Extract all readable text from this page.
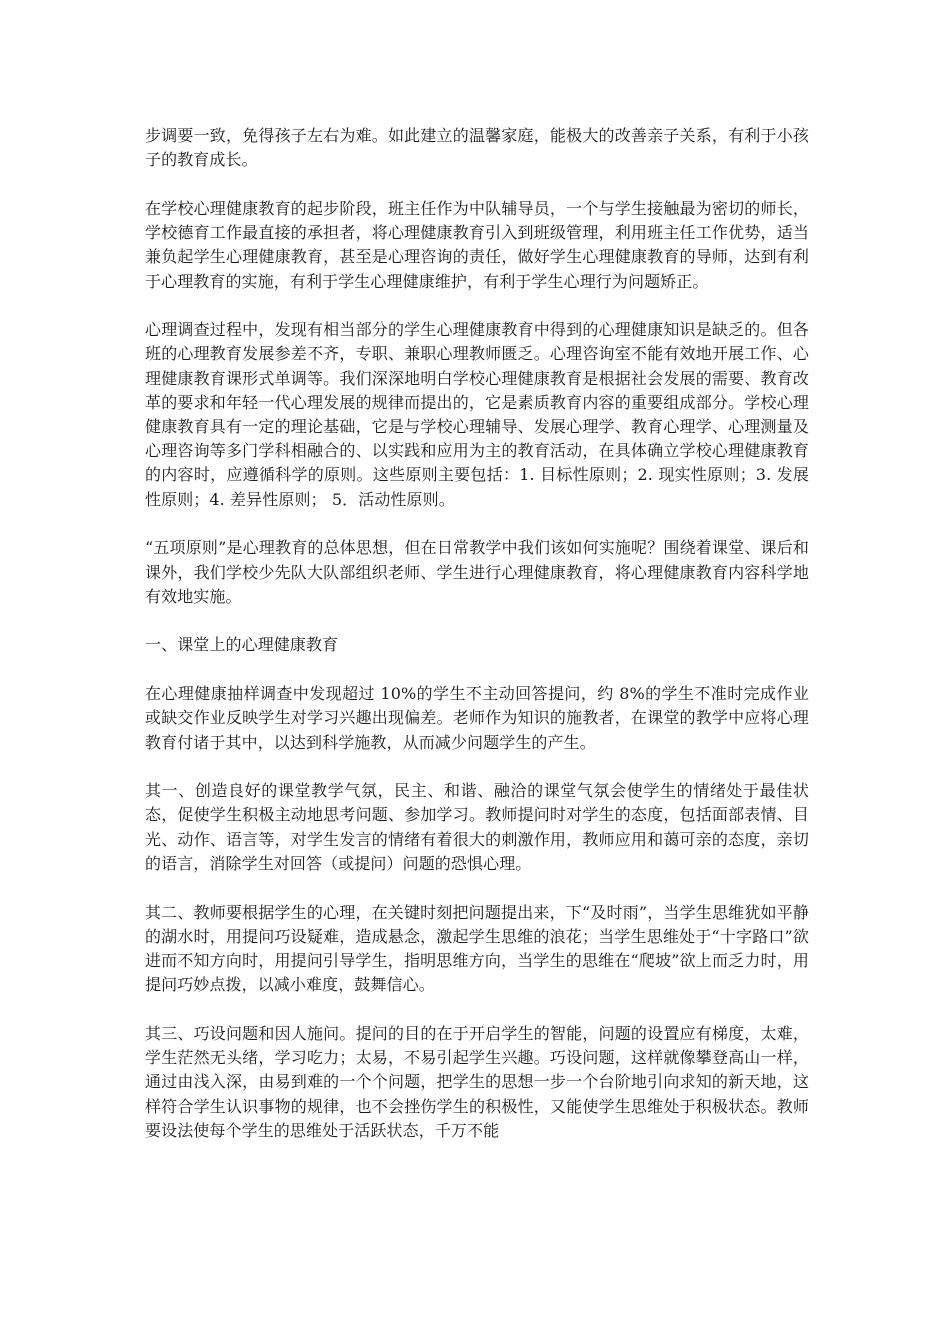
步调要一致，免得孩子左右为难。如此建立的温馨家庭，能极大的改善亲子关系，有利于小孩子的教育成长。

在学校心理健康教育的起步阶段，班主任作为中队辅导员，一个与学生接触最为密切的师长，学校德育工作最直接的承担者，将心理健康教育引入到班级管理，利用班主任工作优势，适当兼负起学生心理健康教育，甚至是心理咨询的责任，做好学生心理健康教育的导师，达到有利于心理教育的实施，有利于学生心理健康维护，有利于学生心理行为问题矫正。

心理调查过程中，发现有相当部分的学生心理健康教育中得到的心理健康知识是缺乏的。但各班的心理教育发展参差不齐，专职、兼职心理教师匮乏。心理咨询室不能有效地开展工作、心理健康教育课形式单调等。我们深深地明白学校心理健康教育是根据社会发展的需要、教育改革的要求和年轻一代心理发展的规律而提出的，它是素质教育内容的重要组成部分。学校心理健康教育具有一定的理论基础，它是与学校心理辅导、发展心理学、教育心理学、心理测量及心理咨询等多门学科相融合的、以实践和应用为主的教育活动，在具体确立学校心理健康教育的内容时，应遵循科学的原则。这些原则主要包括：1. 目标性原则；2. 现实性原则；3. 发展性原则；4. 差异性原则； 5．活动性原则。

“五项原则”是心理教育的总体思想，但在日常教学中我们该如何实施呢？围绕着课堂、课后和课外，我们学校少先队大队部组织老师、学生进行心理健康教育，将心理健康教育内容科学地有效地实施。

一、课堂上的心理健康教育

在心理健康抽样调查中发现超过 10%的学生不主动回答提问，约 8%的学生不准时完成作业或缺交作业反映学生对学习兴趣出现偏差。老师作为知识的施教者，在课堂的教学中应将心理教育付诸于其中，以达到科学施教，从而减少问题学生的产生。

其一、创造良好的课堂教学气氛，民主、和谐、融洽的课堂气氛会使学生的情绪处于最佳状态，促使学生积极主动地思考问题、参加学习。教师提问时对学生的态度，包括面部表情、目光、动作、语言等，对学生发言的情绪有着很大的刺激作用，教师应用和蔼可亲的态度，亲切的语言，消除学生对回答（或提问）问题的恐惧心理。

其二、教师要根据学生的心理，在关键时刻把问题提出来，下“及时雨”，当学生思维犹如平静的湖水时，用提问巧设疑难，造成悬念，激起学生思维的浪花；当学生思维处于“十字路口”欲进而不知方向时，用提问引导学生，指明思维方向，当学生的思维在“爬坡”欲上而乏力时，用提问巧妙点拨，以减小难度，鼓舞信心。

其三、巧设问题和因人施问。提问的目的在于开启学生的智能，问题的设置应有梯度，太难，学生茫然无头绪，学习吃力；太易，不易引起学生兴趣。巧设问题，这样就像攀登高山一样，通过由浅入深，由易到难的一个个问题，把学生的思想一步一个台阶地引向求知的新天地，这样符合学生认识事物的规律，也不会挫伤学生的积极性，又能使学生思维处于积极状态。教师要设法使每个学生的思维处于活跃状态，千万不能
